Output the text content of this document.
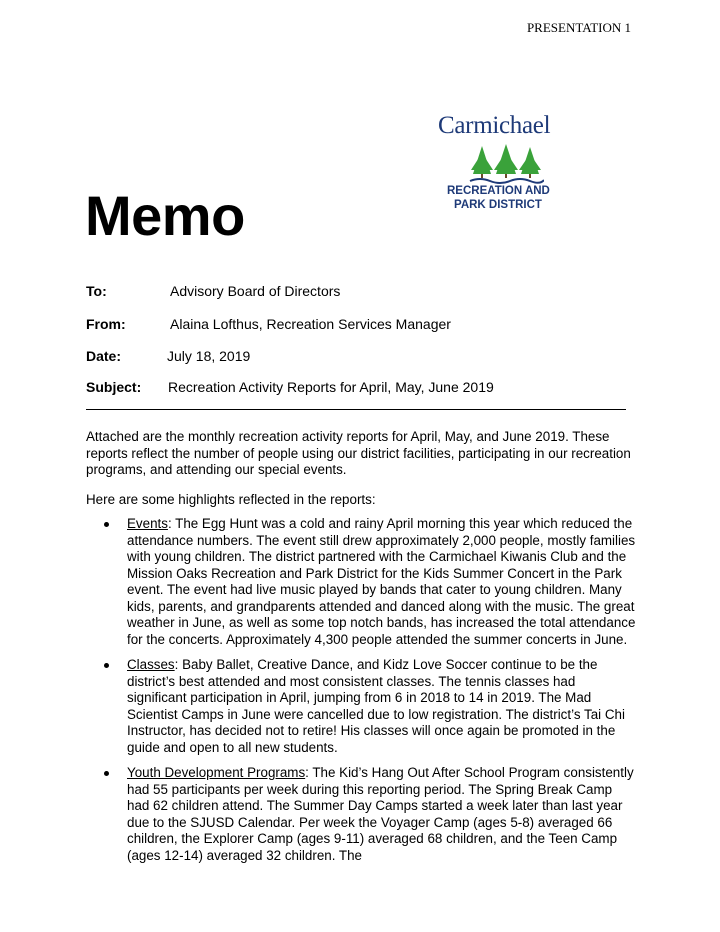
PRESENTATION 1
Carmichael
RECREATION AND
PARK DISTRICT
Memo
To:	Advisory Board of Directors
From:	Alaina Lofthus, Recreation Services Manager
Date:	July 18, 2019
Subject: Recreation Activity Reports for April, May, June 2019

Attached are the monthly recreation activity reports for April, May, and June 2019. These reports reflect the number of people using our district facilities, participating in our recreation programs, and attending our special events.

Here are some highlights reflected in the reports:

Events: The Egg Hunt was a cold and rainy April morning this year which reduced the attendance numbers. The event still drew approximately 2,000 people, mostly families with young children. The district partnered with the Carmichael Kiwanis Club and the Mission Oaks Recreation and Park District for the Kids Summer Concert in the Park event. The event had live music played by bands that cater to young children. Many kids, parents, and grandparents attended and danced along with the music. The great weather in June, as well as some top notch bands, has increased the total attendance for the concerts. Approximately 4,300 people attended the summer concerts in June.
Classes: Baby Ballet, Creative Dance, and Kidz Love Soccer continue to be the district’s best attended and most consistent classes. The tennis classes had significant participation in April, jumping from 6 in 2018 to 14 in 2019. The Mad Scientist Camps in June were cancelled due to low registration. The district’s Tai Chi Instructor, has decided not to retire! His classes will once again be promoted in the guide and open to all new students.
Youth Development Programs: The Kid’s Hang Out After School Program consistently had 55 participants per week during this reporting period. The Spring Break Camp had 62 children attend. The Summer Day Camps started a week later than last year due to the SJUSD Calendar. Per week the Voyager Camp (ages 5-8) averaged 66 children, the Explorer Camp (ages 9-11) averaged 68 children, and the Teen Camp (ages 12-14) averaged 32 children. The
